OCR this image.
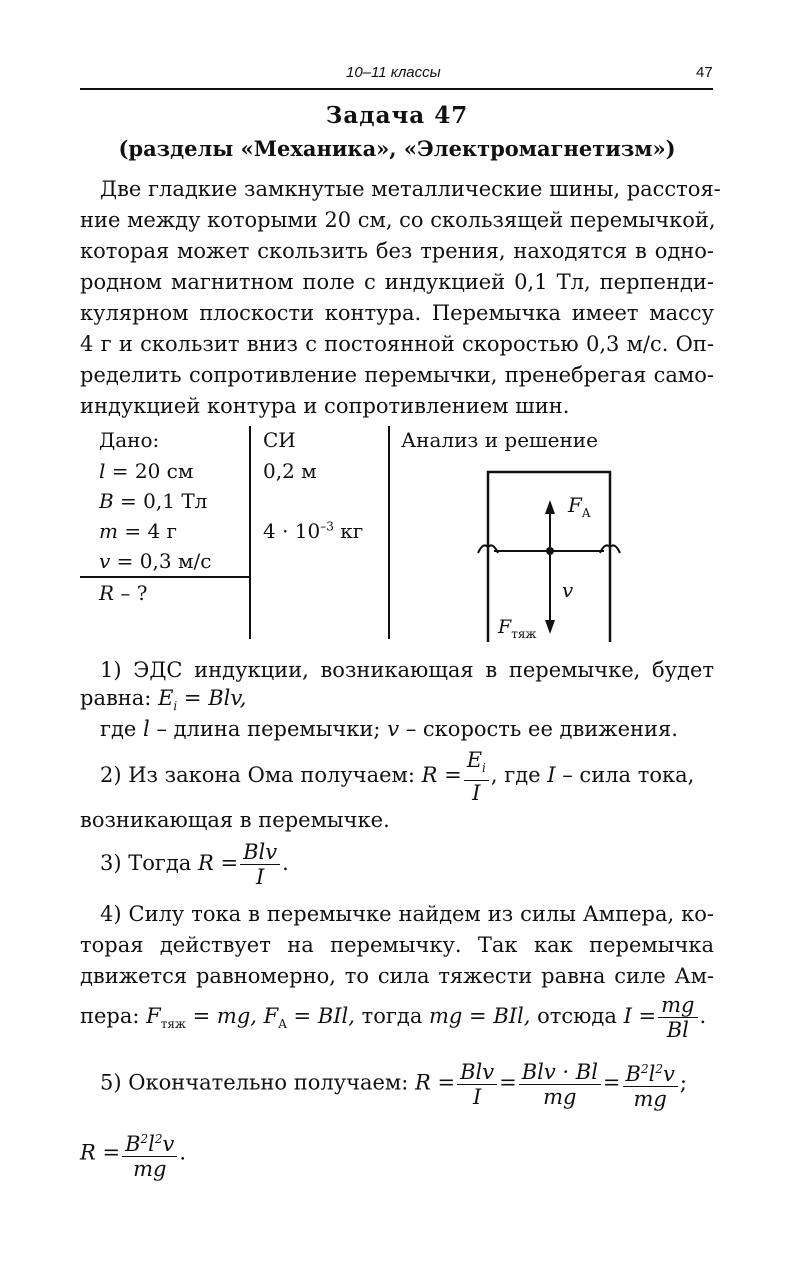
10–11 классы	47
Задача 47
(разделы «Механика», «Электромагнетизм»)
Две гладкие замкнутые металлические шины, расстоя-
ние между которыми 20 см, со скользящей перемычкой,
которая может скользить без трения, находятся в одно-
родном магнитном поле с индукцией 0,1 Тл, перпенди-
кулярном плоскости контура. Перемычка имеет массу
4 г и скользит вниз с постоянной скоростью 0,3 м/с. Оп-
ределить сопротивление перемычки, пренебрегая само-
индукцией контура и сопротивлением шин.
Дано:
l = 20 см
B = 0,1 Тл
m = 4 г
v = 0,3 м/с
R – ?
СИ
0,2 м
$4 \cdot 10^{-3}$ кг
Анализ и решение
$F_A$
v
$F_{тяж}$
1) ЭДС индукции, возникающая в перемычке, будет
равна: $E_i$ = Blv,
где l – длина перемычки; v – скорость ее движения.
2) Из закона Ома получаем: $R = \frac{E_i}{I}$ , где I – сила тока,
возникающая в перемычке.
3) Тогда $R = \frac{\text{Blv}}{I}$ .
4) Силу тока в перемычке найдем из силы Ампера, ко-
торая действует на перемычку. Так как перемычка
движется равномерно, то сила тяжести равна силе Ам-
пера: $F_{тяж}$ = mg, $F_A$ = BIl, тогда mg = BIl, отсюда $I = \frac{mg}{Bl}$ .
5) Окончательно получаем: $R = \frac{\text{Blv}}{I} = \frac{\text{Blv · Bl}}{mg} = \frac{B^2l^2v}{mg}$ ;
$R = \frac{B^2l^2v}{mg}$ .
